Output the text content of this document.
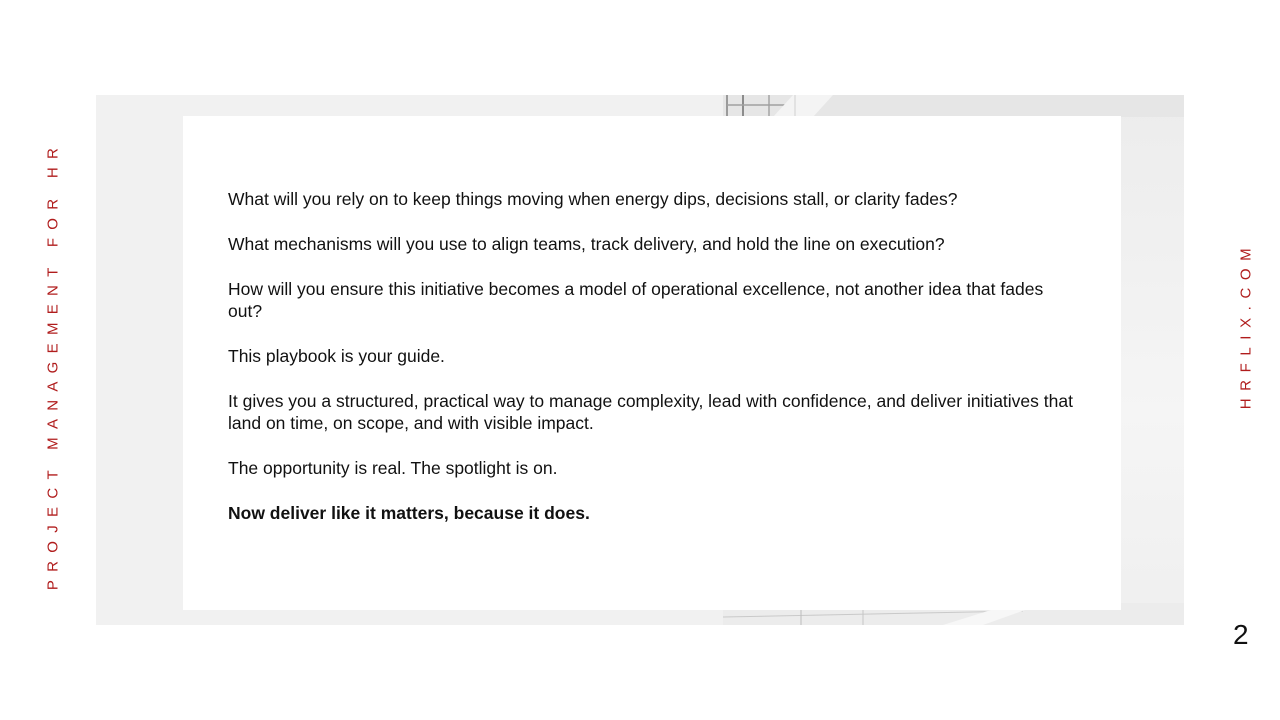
What will you rely on to keep things moving when energy dips, decisions stall, or clarity fades?

What mechanisms will you use to align teams, track delivery, and hold the line on execution?

How will you ensure this initiative becomes a model of operational excellence, not another idea that fades out?

This playbook is your guide.

It gives you a structured, practical way to manage complexity, lead with confidence, and deliver initiatives that land on time, on scope, and with visible impact.

The opportunity is real. The spotlight is on.

Now deliver like it matters, because it does.

PROJECT MANAGEMENT FOR HR	HRFLIX.COM
2
